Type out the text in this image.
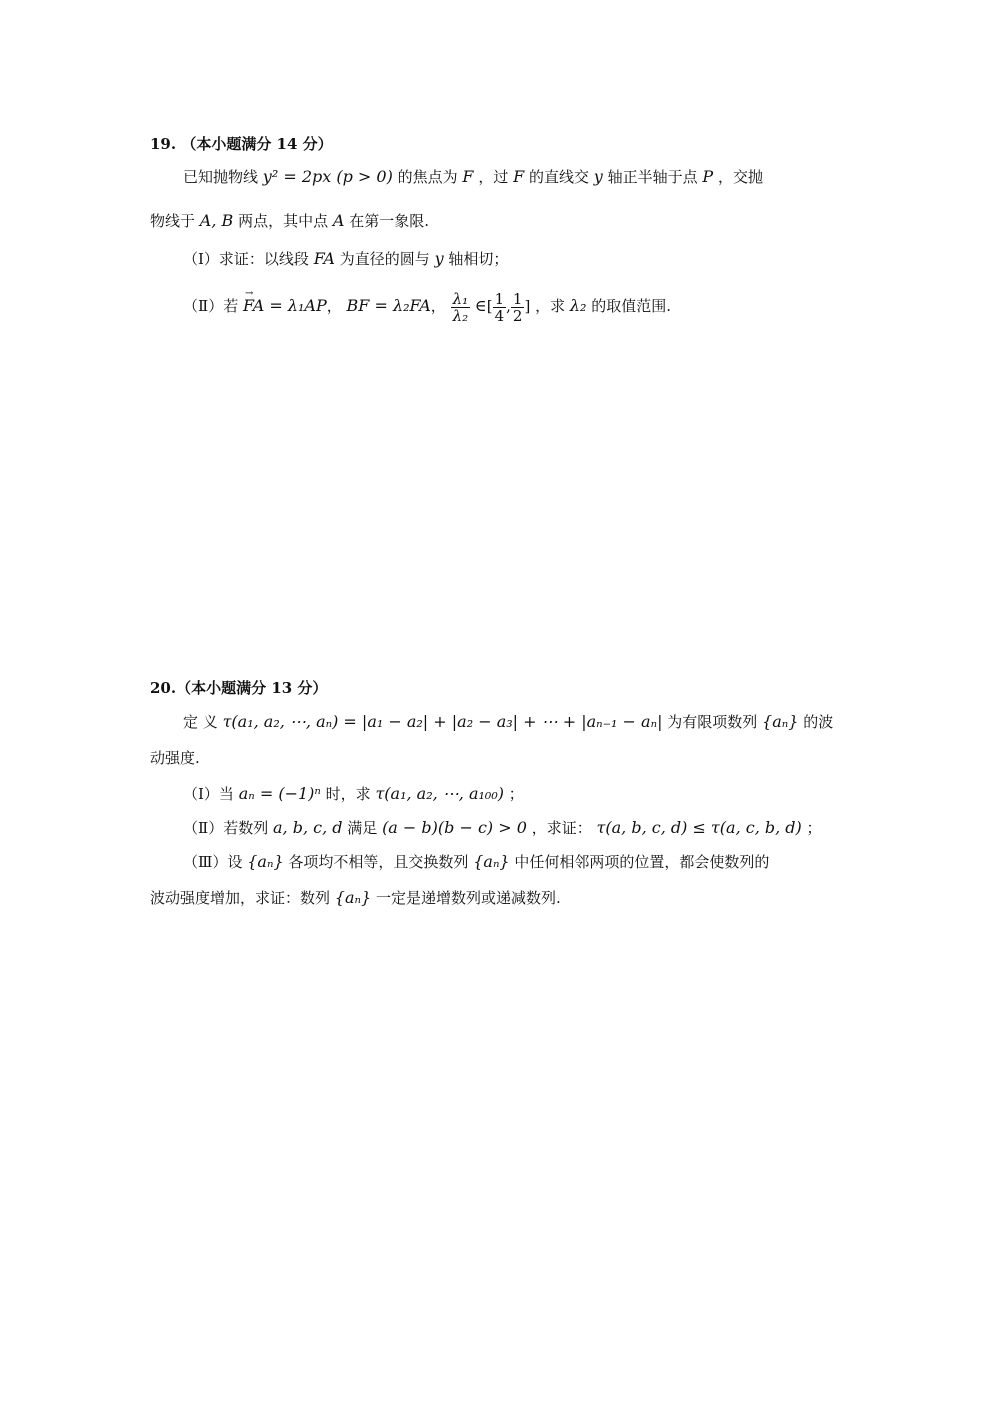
19. （本小题满分 14 分）
已知抛物线 y² = 2px (p > 0) 的焦点为 F ，过 F 的直线交 y 轴正半轴于点 P ，交抛
物线于 A, B 两点，其中点 A 在第一象限.
（Ⅰ）求证：以线段 FA 为直径的圆与 y 轴相切；
（Ⅱ）若 → FA = λ₁AP， BF = λ₂FA， $\frac{\text{λ₁}}{\text{λ₂}}$ ∈[ $\frac{1}{4}$ , $\frac{1}{2}$ ] ，求 λ₂ 的取值范围.
20.（本小题满分 13 分）
定 义 τ(a₁, a₂, ⋯, aₙ) = |a₁ − a₂| + |a₂ − a₃| + ⋯ + |aₙ₋₁ − aₙ| 为有限项数列 {aₙ} 的波
动强度.
（Ⅰ）当 aₙ = (−1)ⁿ 时，求 τ(a₁, a₂, ⋯, a₁₀₀) ；
（Ⅱ）若数列 a, b, c, d 满足 (a − b)(b − c) > 0 ，求证： τ(a, b, c, d) ≤ τ(a, c, b, d) ；
（Ⅲ）设 {aₙ} 各项均不相等，且交换数列 {aₙ} 中任何相邻两项的位置，都会使数列的
波动强度增加，求证：数列 {aₙ} 一定是递增数列或递减数列.
